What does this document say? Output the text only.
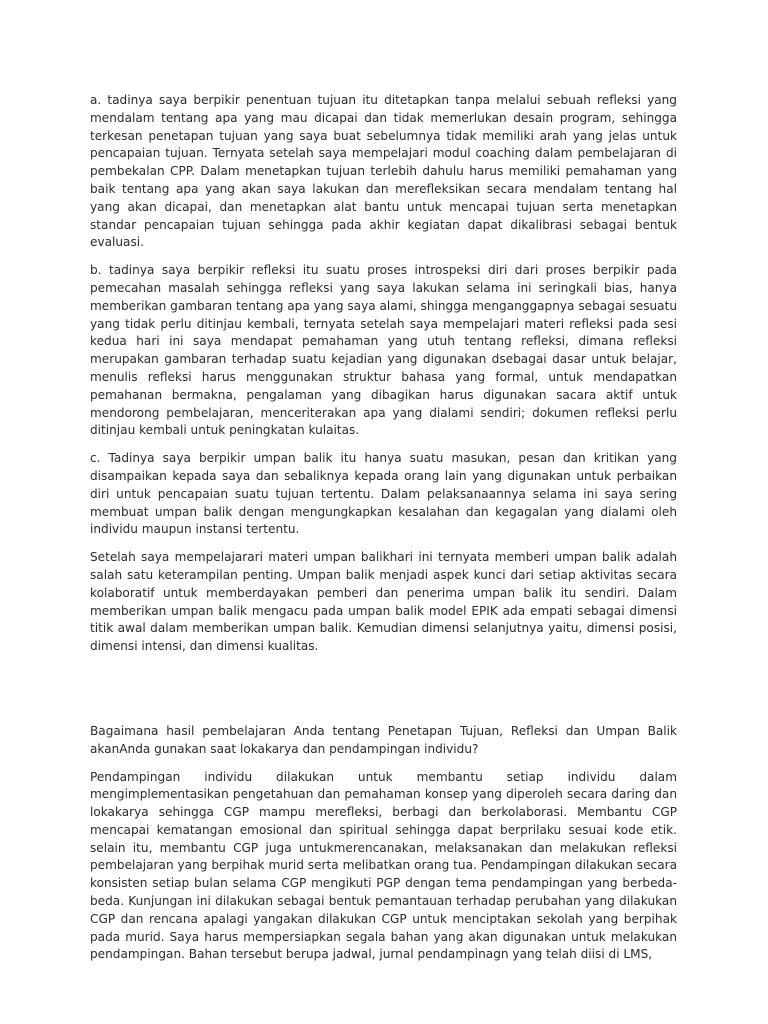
a. tadinya saya berpikir penentuan tujuan itu ditetapkan tanpa melalui sebuah refleksi yang mendalam tentang apa yang mau dicapai dan tidak memerlukan desain program, sehingga terkesan penetapan tujuan yang saya buat sebelumnya tidak memiliki arah yang jelas untuk pencapaian tujuan. Ternyata setelah saya mempelajari modul coaching dalam pembelajaran di pembekalan CPP. Dalam menetapkan tujuan terlebih dahulu harus memiliki pemahaman yang baik tentang apa yang akan saya lakukan dan merefleksikan secara mendalam tentang hal yang akan dicapai, dan menetapkan alat bantu untuk mencapai tujuan serta menetapkan standar pencapaian tujuan sehingga pada akhir kegiatan dapat dikalibrasi sebagai bentuk evaluasi.

b. tadinya saya berpikir refleksi itu suatu proses introspeksi diri dari proses berpikir pada pemecahan masalah sehingga refleksi yang saya lakukan selama ini seringkali bias, hanya memberikan gambaran tentang apa yang saya alami, shingga menganggapnya sebagai sesuatu yang tidak perlu ditinjau kembali, ternyata setelah saya mempelajari materi refleksi pada sesi kedua hari ini saya mendapat pemahaman yang utuh tentang refleksi, dimana refleksi merupakan gambaran terhadap suatu kejadian yang digunakan dsebagai dasar untuk belajar, menulis refleksi harus menggunakan struktur bahasa yang formal, untuk mendapatkan pemahanan bermakna, pengalaman yang dibagikan harus digunakan sacara aktif untuk mendorong pembelajaran, menceriterakan apa yang dialami sendiri; dokumen refleksi perlu ditinjau kembali untuk peningkatan kulaitas.

c. Tadinya saya berpikir umpan balik itu hanya suatu masukan, pesan dan kritikan yang disampaikan kepada saya dan sebaliknya kepada orang lain yang digunakan untuk perbaikan diri untuk pencapaian suatu tujuan tertentu. Dalam pelaksanaannya selama ini saya sering membuat umpan balik dengan mengungkapkan kesalahan dan kegagalan yang dialami oleh individu maupun instansi tertentu.

Setelah saya mempelajarari materi umpan balikhari ini ternyata memberi umpan balik adalah salah satu keterampilan penting. Umpan balik menjadi aspek kunci dari setiap aktivitas secara kolaboratif untuk memberdayakan pemberi dan penerima umpan balik itu sendiri. Dalam memberikan umpan balik mengacu pada umpan balik model EPIK ada empati sebagai dimensi titik awal dalam memberikan umpan balik. Kemudian dimensi selanjutnya yaitu, dimensi posisi, dimensi intensi, dan dimensi kualitas.

Bagaimana hasil pembelajaran Anda tentang Penetapan Tujuan, Refleksi dan Umpan Balik akanAnda gunakan saat lokakarya dan pendampingan individu?

Pendampingan individu dilakukan untuk membantu setiap individu dalam mengimplementasikan pengetahuan dan pemahaman konsep yang diperoleh secara daring dan lokakarya sehingga CGP mampu merefleksi, berbagi dan berkolaborasi. Membantu CGP mencapai kematangan emosional dan spiritual sehingga dapat berprilaku sesuai kode etik. selain itu, membantu CGP juga untukmerencanakan, melaksanakan dan melakukan refleksi pembelajaran yang berpihak murid serta melibatkan orang tua. Pendampingan dilakukan secara konsisten setiap bulan selama CGP mengikuti PGP dengan tema pendampingan yang berbeda-beda. Kunjungan ini dilakukan sebagai bentuk pemantauan terhadap perubahan yang dilakukan CGP dan rencana apalagi yangakan dilakukan CGP untuk menciptakan sekolah yang berpihak pada murid. Saya harus mempersiapkan segala bahan yang akan digunakan untuk melakukan pendampingan. Bahan tersebut berupa jadwal, jurnal pendampinagn yang telah diisi di LMS,
